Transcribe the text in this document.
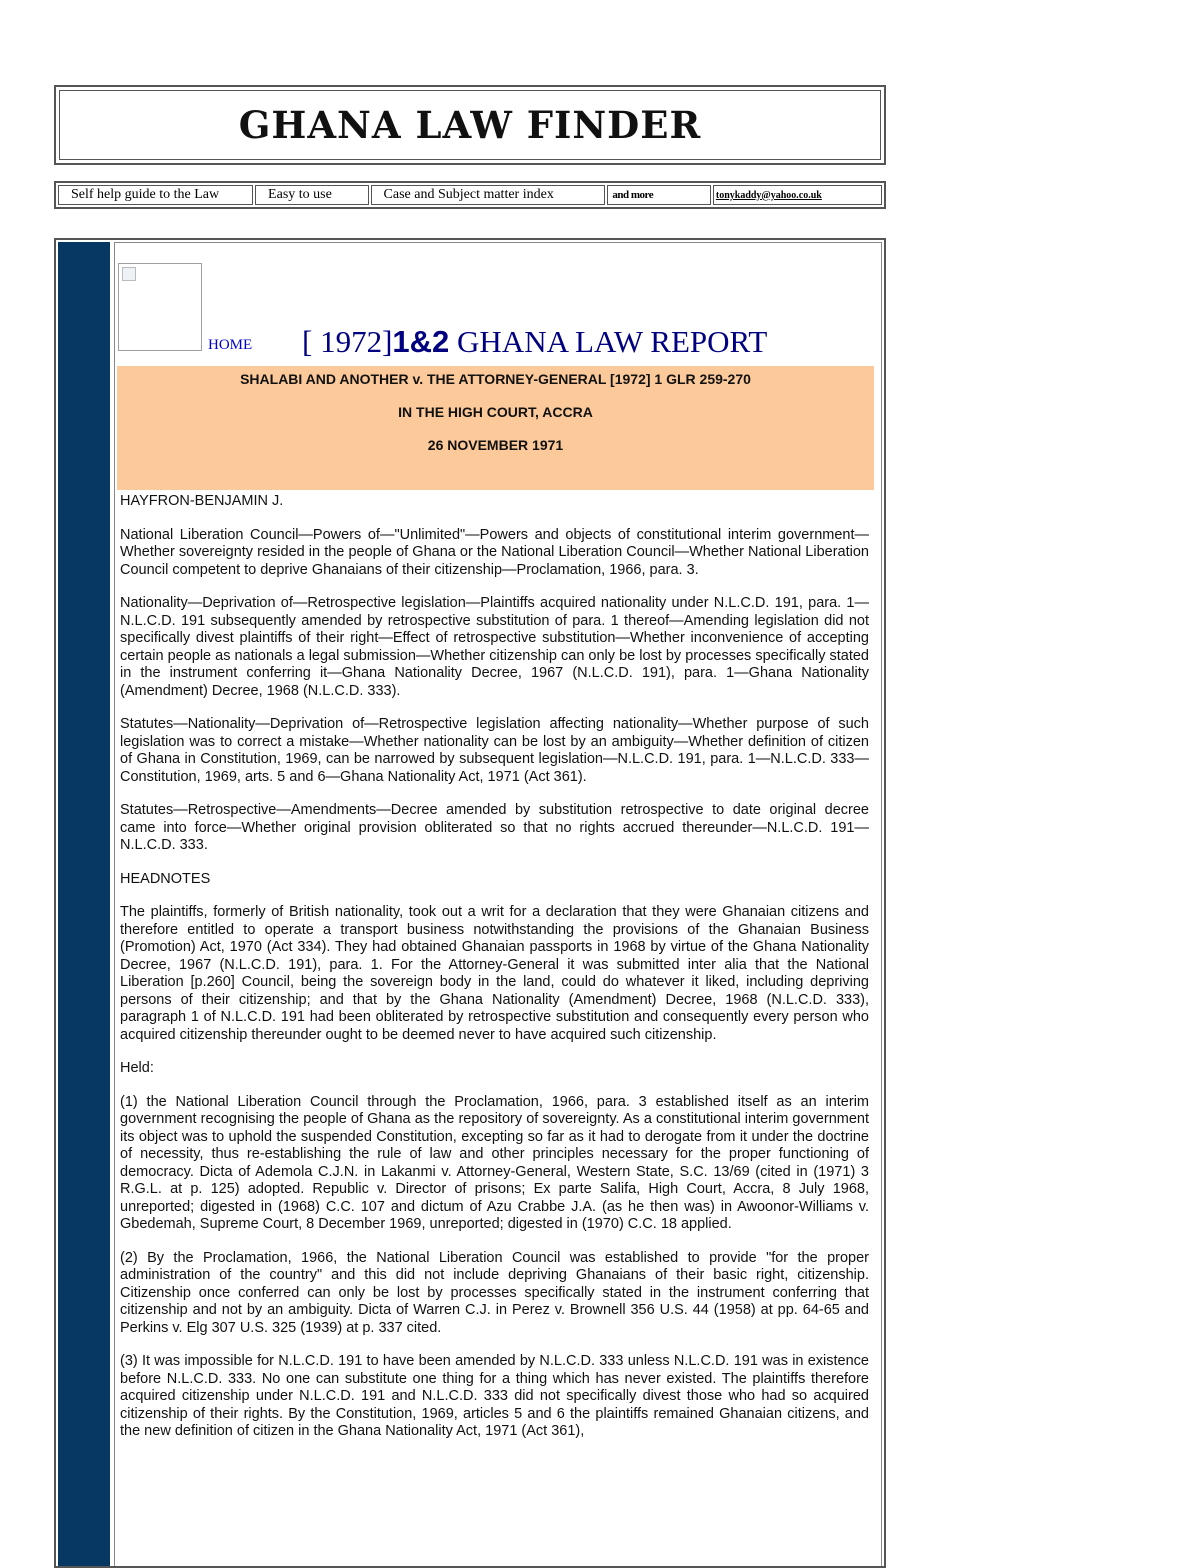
GHANA LAW FINDER
Self help guide to the Law	Easy to use	Case and Subject matter index	and more	tonykaddy@yahoo.co.uk
HOME [ 1972]1&2 GHANA LAW REPORT
SHALABI AND ANOTHER v. THE ATTORNEY-GENERAL [1972] 1 GLR 259-270
IN THE HIGH COURT, ACCRA
26 NOVEMBER 1971

HAYFRON-BENJAMIN J.

National Liberation Council—Powers of—"Unlimited"—Powers and objects of constitutional interim government—Whether sovereignty resided in the people of Ghana or the National Liberation Council—Whether National Liberation Council competent to deprive Ghanaians of their citizenship—Proclamation, 1966, para. 3.

Nationality—Deprivation of—Retrospective legislation—Plaintiffs acquired nationality under N.L.C.D. 191, para. 1—N.L.C.D. 191 subsequently amended by retrospective substitution of para. 1 thereof—Amending legislation did not specifically divest plaintiffs of their right—Effect of retrospective substitution—Whether inconvenience of accepting certain people as nationals a legal submission—Whether citizenship can only be lost by processes specifically stated in the instrument conferring it—Ghana Nationality Decree, 1967 (N.L.C.D. 191), para. 1—Ghana Nationality (Amendment) Decree, 1968 (N.L.C.D. 333).

Statutes—Nationality—Deprivation of—Retrospective legislation affecting nationality—Whether purpose of such legislation was to correct a mistake—Whether nationality can be lost by an ambiguity—Whether definition of citizen of Ghana in Constitution, 1969, can be narrowed by subsequent legislation—N.L.C.D. 191, para. 1—N.L.C.D. 333—Constitution, 1969, arts. 5 and 6—Ghana Nationality Act, 1971 (Act 361).

Statutes—Retrospective—Amendments—Decree amended by substitution retrospective to date original decree came into force—Whether original provision obliterated so that no rights accrued thereunder—N.L.C.D. 191—N.L.C.D. 333.

HEADNOTES

The plaintiffs, formerly of British nationality, took out a writ for a declaration that they were Ghanaian citizens and therefore entitled to operate a transport business notwithstanding the provisions of the Ghanaian Business (Promotion) Act, 1970 (Act 334). They had obtained Ghanaian passports in 1968 by virtue of the Ghana Nationality Decree, 1967 (N.L.C.D. 191), para. 1. For the Attorney-General it was submitted inter alia that the National Liberation [p.260] Council, being the sovereign body in the land, could do whatever it liked, including depriving persons of their citizenship; and that by the Ghana Nationality (Amendment) Decree, 1968 (N.L.C.D. 333), paragraph 1 of N.L.C.D. 191 had been obliterated by retrospective substitution and consequently every person who acquired citizenship thereunder ought to be deemed never to have acquired such citizenship.

Held:

(1) the National Liberation Council through the Proclamation, 1966, para. 3 established itself as an interim government recognising the people of Ghana as the repository of sovereignty. As a constitutional interim government its object was to uphold the suspended Constitution, excepting so far as it had to derogate from it under the doctrine of necessity, thus re-establishing the rule of law and other principles necessary for the proper functioning of democracy. Dicta of Ademola C.J.N. in Lakanmi v. Attorney-General, Western State, S.C. 13/69 (cited in (1971) 3 R.G.L. at p. 125) adopted. Republic v. Director of prisons; Ex parte Salifa, High Court, Accra, 8 July 1968, unreported; digested in (1968) C.C. 107 and dictum of Azu Crabbe J.A. (as he then was) in Awoonor-Williams v. Gbedemah, Supreme Court, 8 December 1969, unreported; digested in (1970) C.C. 18 applied.

(2) By the Proclamation, 1966, the National Liberation Council was established to provide "for the proper administration of the country" and this did not include depriving Ghanaians of their basic right, citizenship. Citizenship once conferred can only be lost by processes specifically stated in the instrument conferring that citizenship and not by an ambiguity. Dicta of Warren C.J. in Perez v. Brownell 356 U.S. 44 (1958) at pp. 64-65 and Perkins v. Elg 307 U.S. 325 (1939) at p. 337 cited.

(3) It was impossible for N.L.C.D. 191 to have been amended by N.L.C.D. 333 unless N.L.C.D. 191 was in existence before N.L.C.D. 333. No one can substitute one thing for a thing which has never existed. The plaintiffs therefore acquired citizenship under N.L.C.D. 191 and N.L.C.D. 333 did not specifically divest those who had so acquired citizenship of their rights. By the Constitution, 1969, articles 5 and 6 the plaintiffs remained Ghanaian citizens, and the new definition of citizen in the Ghana Nationality Act, 1971 (Act 361),
